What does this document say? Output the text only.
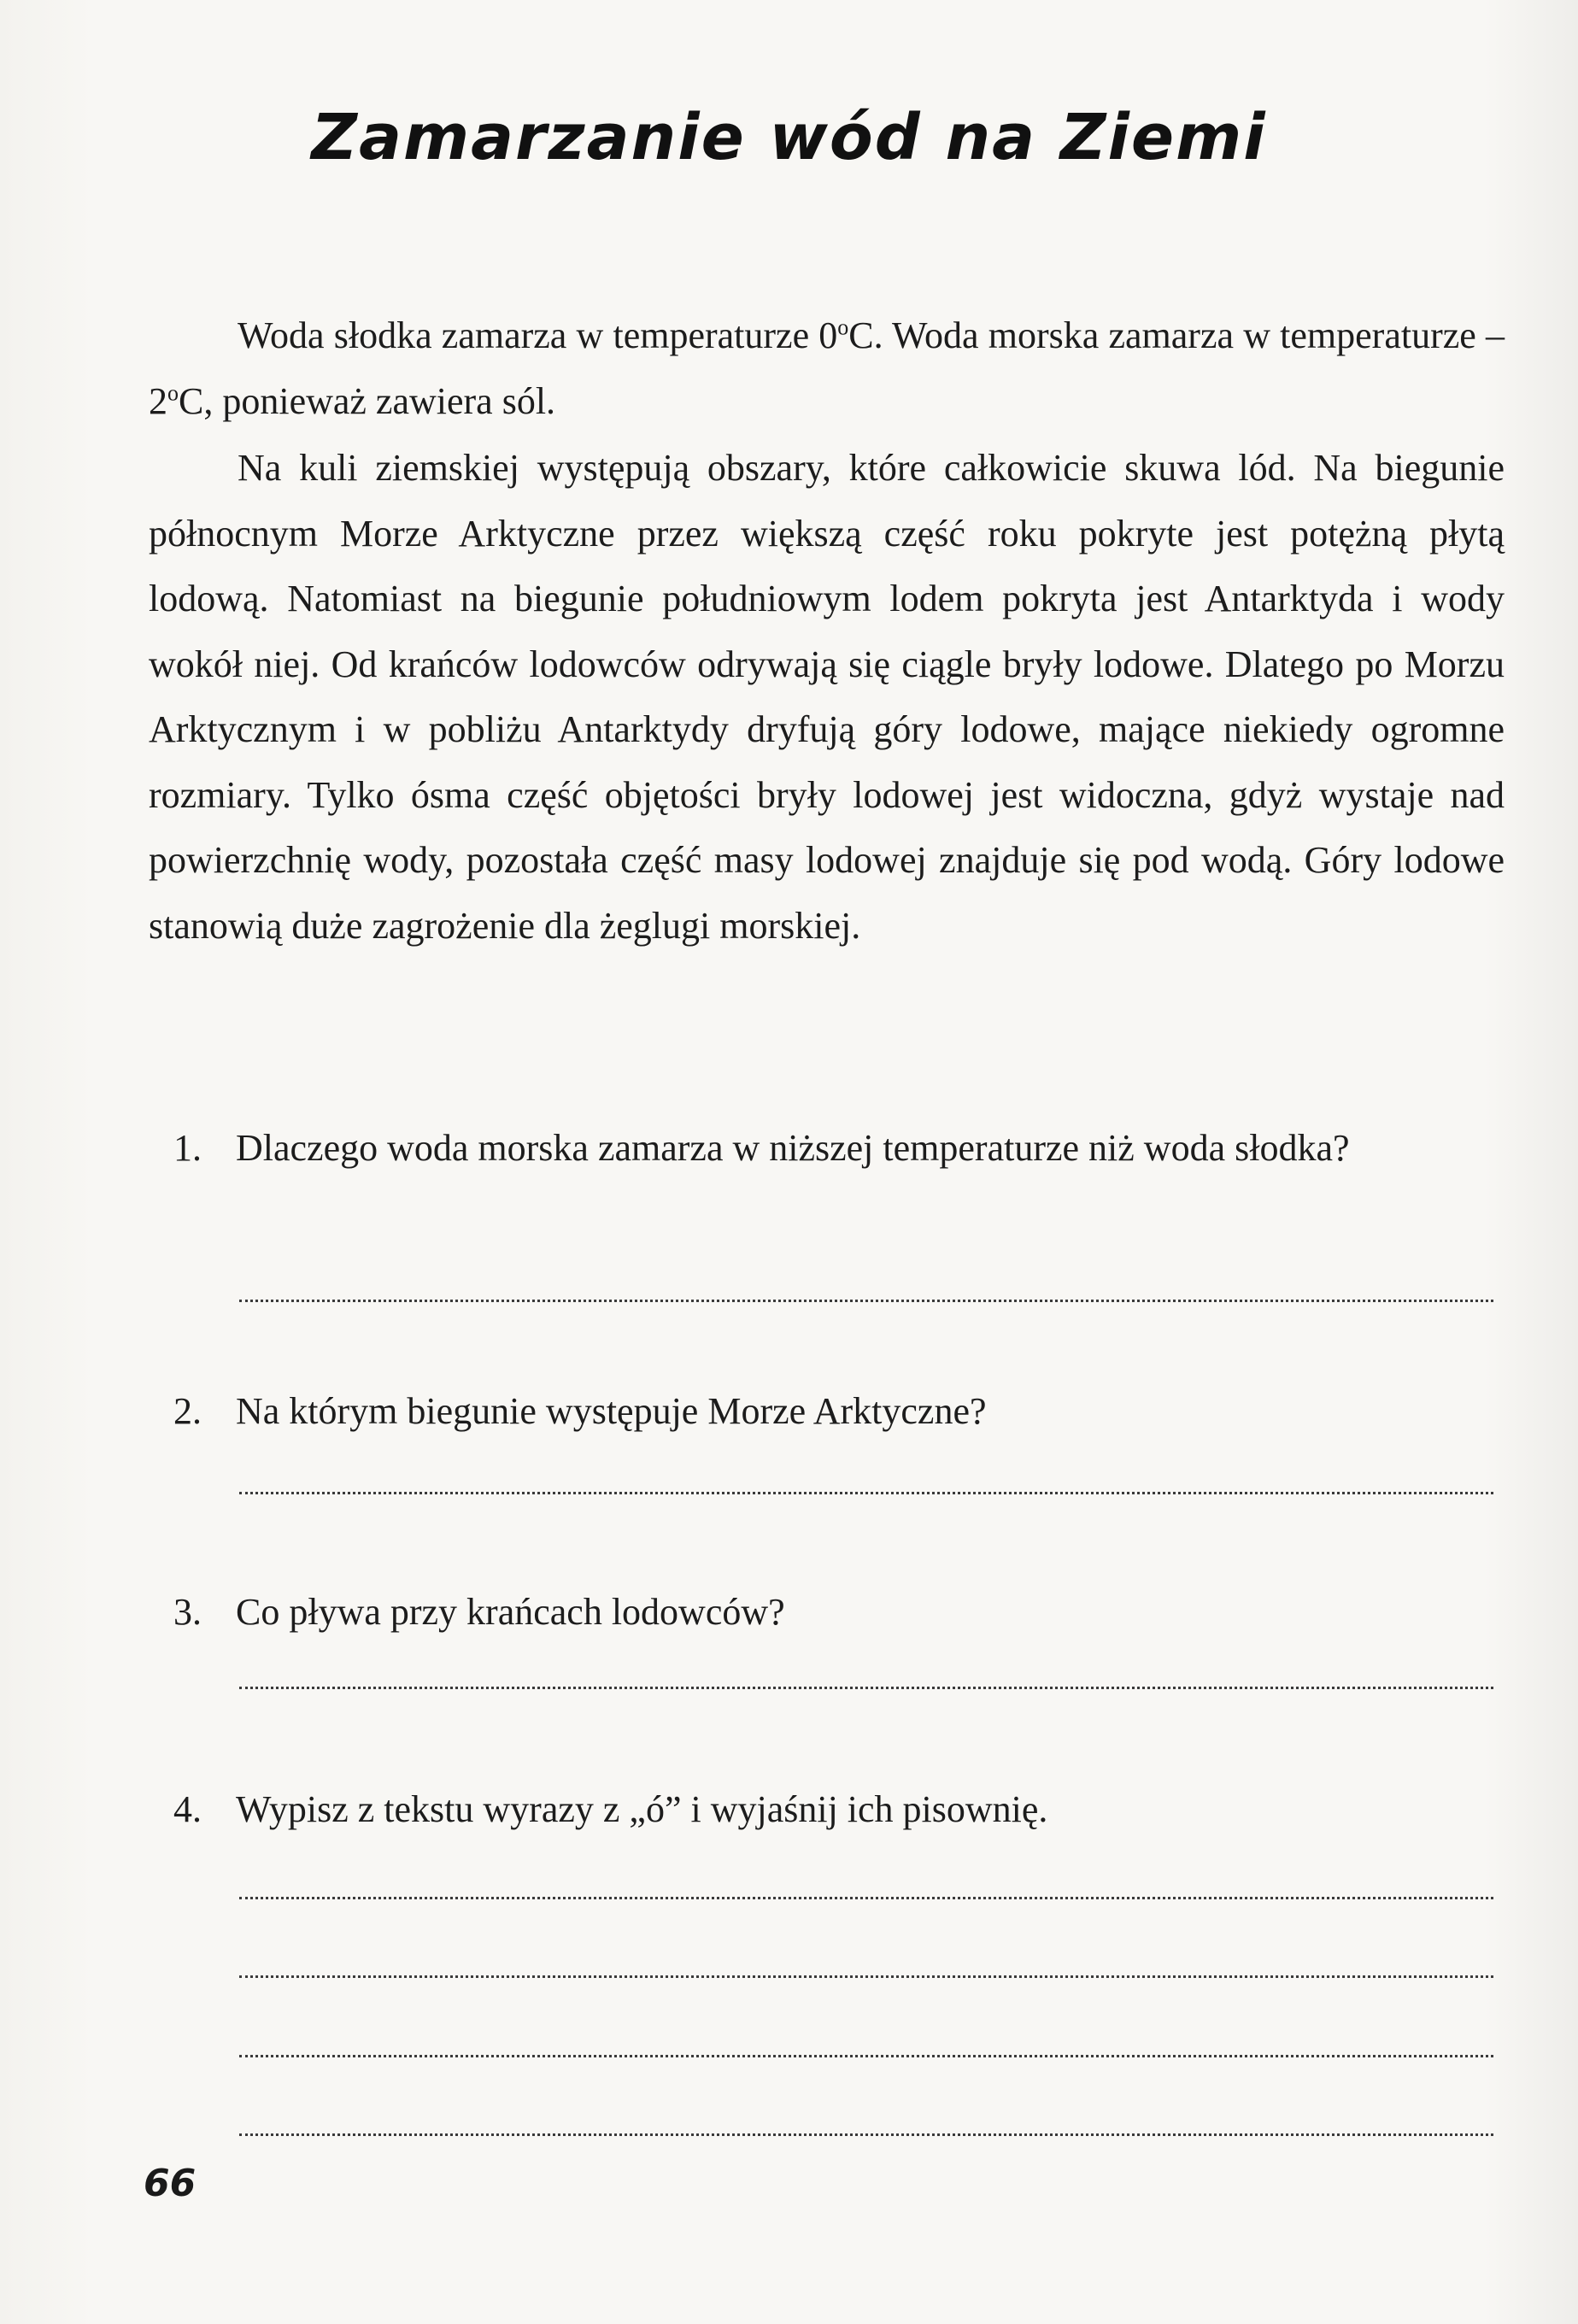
Zamarzanie wód na Ziemi

Woda słodka zamarza w temperaturze 0$^o$C. Woda morska zamarza w temperaturze –2$^o$C, ponieważ zawiera sól.

Na kuli ziemskiej występują obszary, które całkowicie skuwa lód. Na biegunie północnym Morze Arktyczne przez większą część roku pokryte jest potężną płytą lodową. Natomiast na biegunie południowym lodem pokryta jest Antarktyda i wody wokół niej. Od krańców lodowców odrywają się ciągle bryły lodowe. Dlatego po Morzu Arktycznym i w pobliżu Antarktydy dryfują góry lodowe, mające niekiedy ogromne rozmiary. Tylko ósma część objętości bryły lodowej jest widoczna, gdyż wystaje nad powierzchnię wody, pozostała część masy lodowej znajduje się pod wodą. Góry lodowe stanowią duże zagrożenie dla żeglugi morskiej.

1. Dlaczego woda morska zamarza w niższej temperaturze niż woda słodka?
2. Na którym biegunie występuje Morze Arktyczne?
3. Co pływa przy krańcach lodowców?
4. Wypisz z tekstu wyrazy z „ó” i wyjaśnij ich pisownię.
66
